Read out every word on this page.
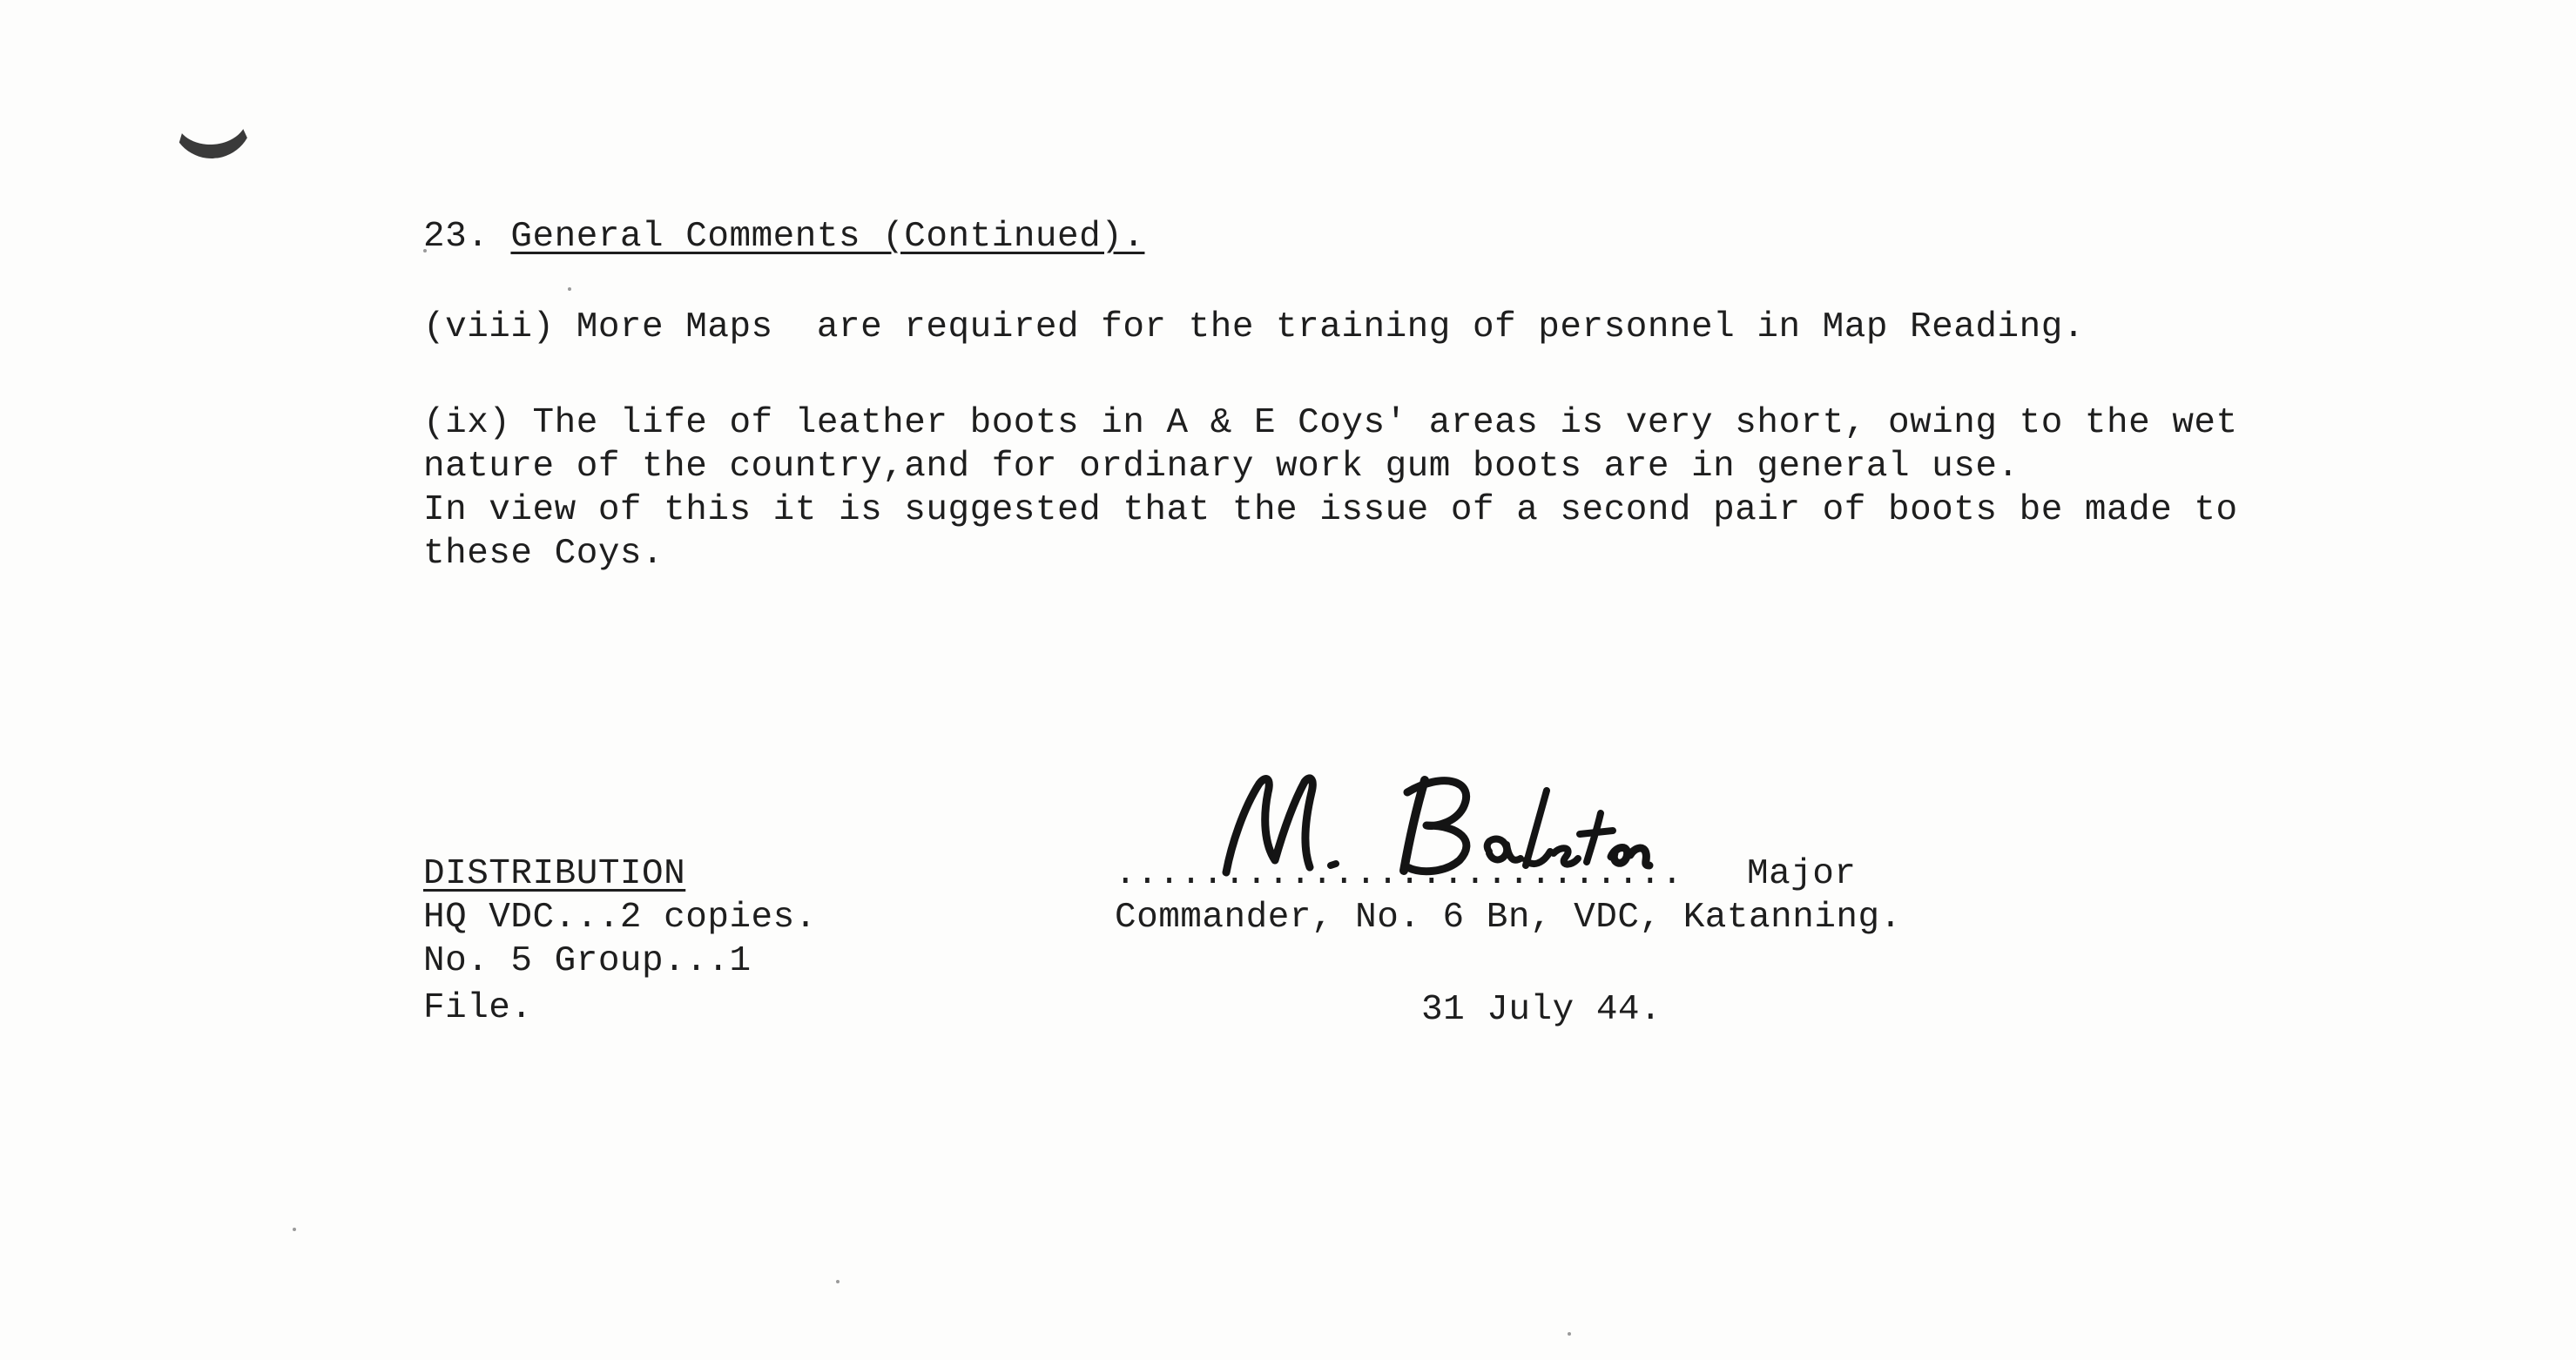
23. General Comments (Continued).
(viii) More Maps  are required for the training of personnel in Map Reading.
(ix) The life of leather boots in A & E Coys' areas is very short, owing to the wet
nature of the country,and for ordinary work gum boots are in general use.
In view of this it is suggested that the issue of a second pair of boots be made to
these Coys.
DISTRIBUTION
HQ VDC...2 copies.
No. 5 Group...1
File.
.......................... Major
Commander, No. 6 Bn, VDC, Katanning.
31 July 44.
